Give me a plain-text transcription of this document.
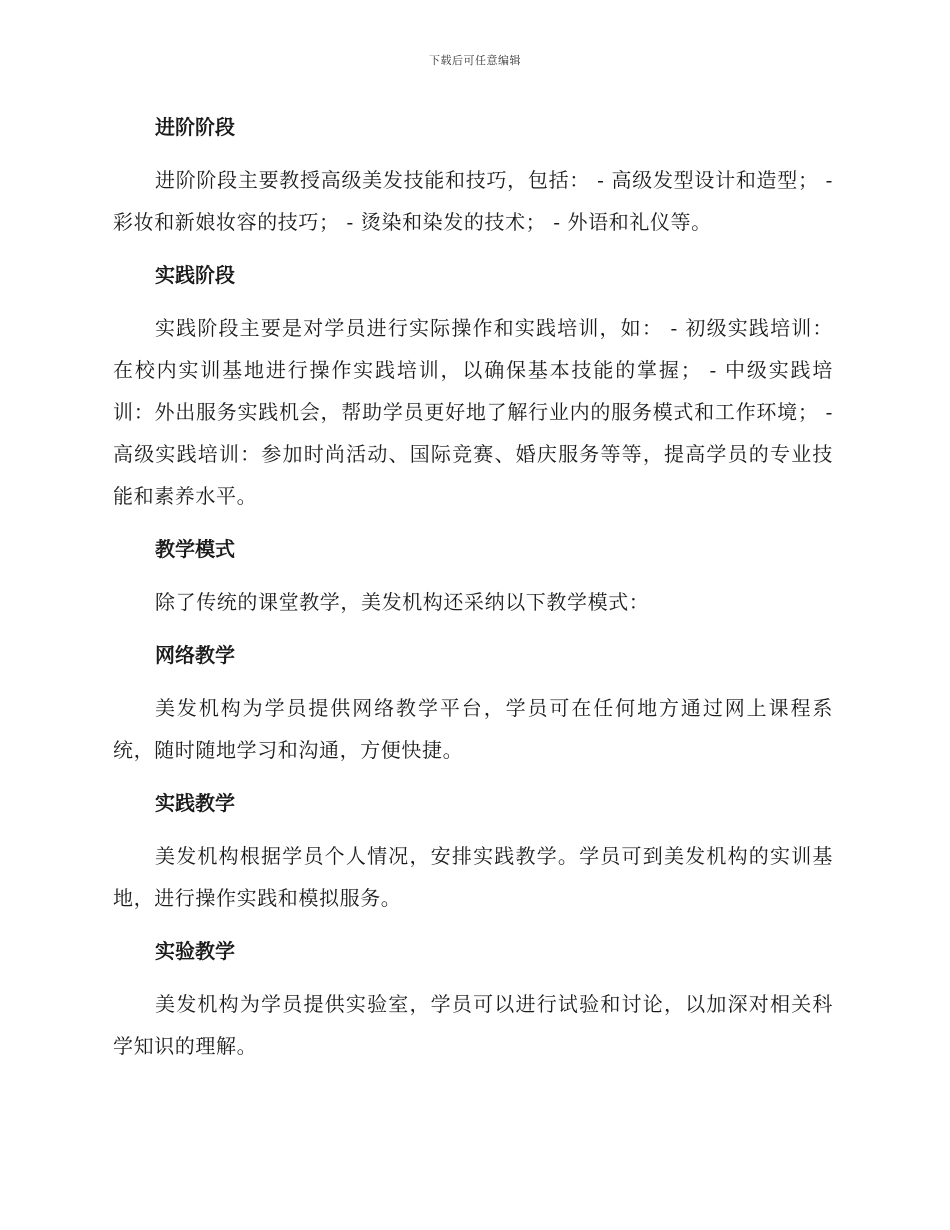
下载后可任意编辑
进阶阶段

进阶阶段主要教授高级美发技能和技巧，包括： - 高级发型设计和造型； - 彩妆和新娘妆容的技巧； - 烫染和染发的技术； - 外语和礼仪等。

实践阶段

实践阶段主要是对学员进行实际操作和实践培训，如： - 初级实践培训：在校内实训基地进行操作实践培训，以确保基本技能的掌握； - 中级实践培训：外出服务实践机会，帮助学员更好地了解行业内的服务模式和工作环境； - 高级实践培训：参加时尚活动、国际竞赛、婚庆服务等等，提高学员的专业技能和素养水平。

教学模式

除了传统的课堂教学，美发机构还采纳以下教学模式：

网络教学

美发机构为学员提供网络教学平台，学员可在任何地方通过网上课程系统，随时随地学习和沟通，方便快捷。

实践教学

美发机构根据学员个人情况，安排实践教学。学员可到美发机构的实训基地，进行操作实践和模拟服务。

实验教学

美发机构为学员提供实验室，学员可以进行试验和讨论，以加深对相关科学知识的理解。
